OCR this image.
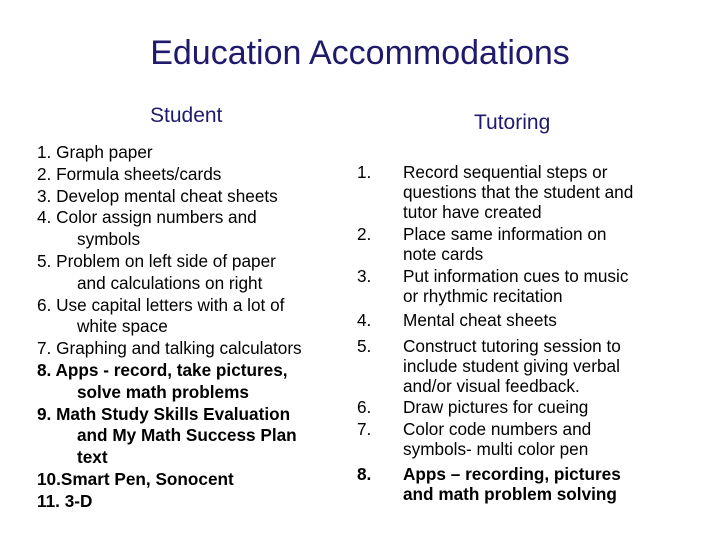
Education Accommodations
Student	Tutoring
1. Graph paper
2. Formula sheets/cards
3. Develop mental cheat sheets
4. Color assign numbers and
symbols
5. Problem on left side of paper
and calculations on right
6. Use capital letters with a lot of
white space
7. Graphing and talking calculators
8. Apps - record, take pictures,
solve math problems
9. Math Study Skills Evaluation
and My Math Success Plan
text
10.Smart Pen, Sonocent
11. 3-D
1. Record sequential steps or
questions that the student and
tutor have created
2. Place same information on
note cards
3. Put information cues to music
or rhythmic recitation
4. Mental cheat sheets
5. Construct tutoring session to
include student giving verbal
and/or visual feedback.
6. Draw pictures for cueing
7. Color code numbers and
symbols- multi color pen
8. Apps – recording, pictures
and math problem solving
